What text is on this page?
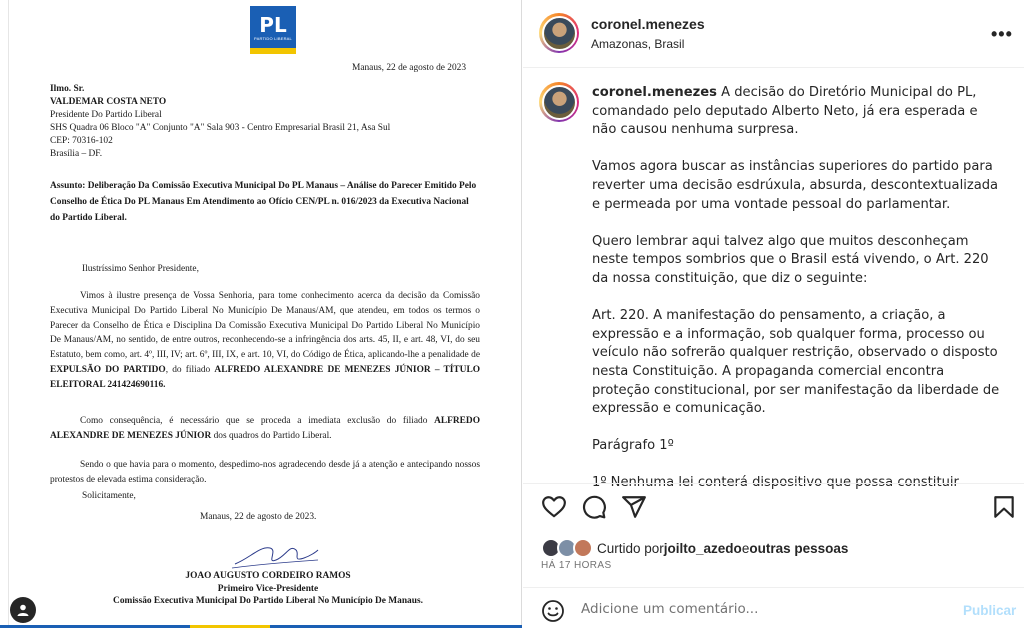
PL
PARTIDO LIBERAL
Manaus, 22 de agosto de 2023
Ilmo. Sr.
VALDEMAR COSTA NETO
Presidente Do Partido Liberal
SHS Quadra 06 Bloco "A" Conjunto "A" Sala 903 - Centro Empresarial Brasil 21, Asa Sul
CEP: 70316-102
Brasília – DF.
Assunto: Deliberação Da Comissão Executiva Municipal Do PL Manaus – Análise do Parecer Emitido Pelo Conselho de Ética Do PL Manaus Em Atendimento ao Ofício CEN/PL n. 016/2023 da Executiva Nacional do Partido Liberal.
Ilustríssimo Senhor Presidente,
Vimos à ilustre presença de Vossa Senhoria, para tome conhecimento acerca da decisão da Comissão Executiva Municipal Do Partido Liberal No Município De Manaus/AM, que atendeu, em todos os termos o Parecer da Conselho de Ética e Disciplina Da Comissão Executiva Municipal Do Partido Liberal No Município De Manaus/AM, no sentido, de entre outros, reconhecendo-se a infringência dos arts. 45, II, e art. 48, VI, do seu Estatuto, bem como, art. 4º, III, IV; art. 6º, III, IX, e art. 10, VI, do Código de Ética, aplicando-lhe a penalidade de EXPULSÃO DO PARTIDO, do filiado ALFREDO ALEXANDRE DE MENEZES JÚNIOR – TÍTULO ELEITORAL 241424690116.
Como consequência, é necessário que se proceda a imediata exclusão do filiado ALFREDO ALEXANDRE DE MENEZES JÚNIOR dos quadros do Partido Liberal.
Sendo o que havia para o momento, despedimo-nos agradecendo desde já a atenção e antecipando nossos protestos de elevada estima consideração.
Solicitamente,
Manaus, 22 de agosto de 2023.
JOAO AUGUSTO CORDEIRO RAMOS
Primeiro Vice-Presidente
Comissão Executiva Municipal Do Partido Liberal No Município De Manaus.
coronel.menezes
Amazonas, Brasil	•••

coronel.menezes A decisão do Diretório Municipal do PL, comandado pelo deputado Alberto Neto, já era esperada e não causou nenhuma surpresa.

Vamos agora buscar as instâncias superiores do partido para reverter uma decisão esdrúxula, absurda, descontextualizada e permeada por uma vontade pessoal do parlamentar.

Quero lembrar aqui talvez algo que muitos desconheçam neste tempos sombrios que o Brasil está vivendo, o Art. 220 da nossa constituição, que diz o seguinte:

Art. 220. A manifestação do pensamento, a criação, a expressão e a informação, sob qualquer forma, processo ou veículo não sofrerão qualquer restrição, observado o disposto nesta Constituição. A propaganda comercial encontra proteção constitucional, por ser manifestação da liberdade de expressão e comunicação.

Parágrafo 1º

1º Nenhuma lei conterá dispositivo que possa constituir

Curtido por joilto_azedo e outras pessoas
HÁ 17 HORAS
Adicione um comentário...
Publicar
